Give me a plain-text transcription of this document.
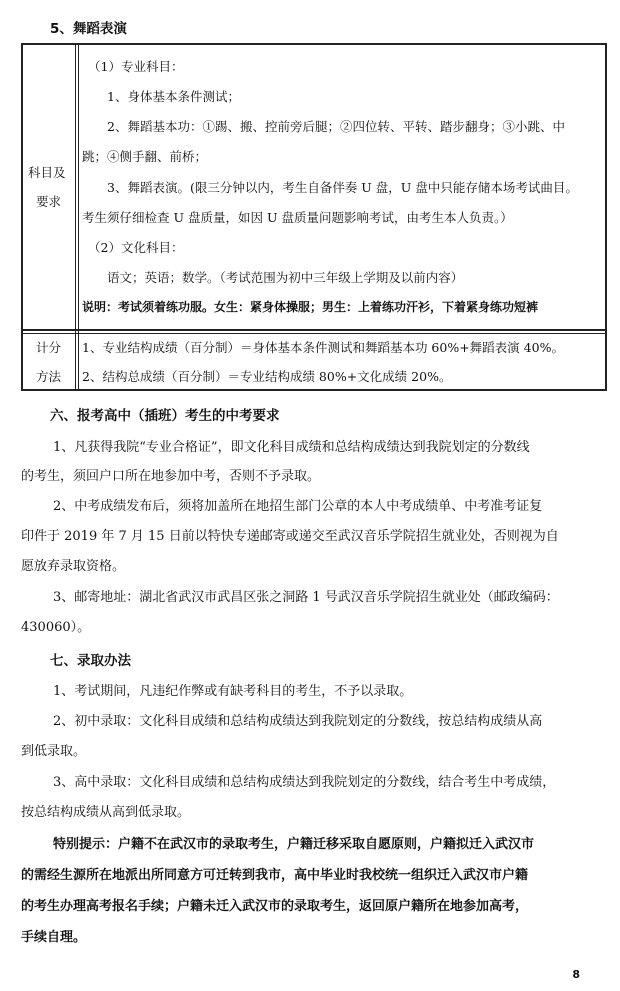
5、舞蹈表演
科目及
要求
（1）专业科目：
1、身体基本条件测试；
2、舞蹈基本功：①踢、搬、控前旁后腿；②四位转、平转、踏步翻身；③小跳、中
跳；④侧手翻、前桥；
3、舞蹈表演。(限三分钟以内，考生自备伴奏 U 盘，U 盘中只能存储本场考试曲目。
考生须仔细检查 U 盘质量，如因 U 盘质量问题影响考试，由考生本人负责。）
（2）文化科目：
语文；英语；数学。（考试范围为初中三年级上学期及以前内容）
说明：考试须着练功服。女生：紧身体操服；男生：上着练功汗衫，下着紧身练功短裤
计分
方法
1、专业结构成绩（百分制）＝身体基本条件测试和舞蹈基本功 60%+舞蹈表演 40%。
2、结构总成绩（百分制）＝专业结构成绩 80%+文化成绩 20%。
六、报考高中（插班）考生的中考要求
1、凡获得我院“专业合格证”，即文化科目成绩和总结构成绩达到我院划定的分数线
的考生，须回户口所在地参加中考，否则不予录取。
2、中考成绩发布后，须将加盖所在地招生部门公章的本人中考成绩单、中考准考证复
印件于 2019 年 7 月 15 日前以特快专递邮寄或递交至武汉音乐学院招生就业处，否则视为自
愿放弃录取资格。
3、邮寄地址：湖北省武汉市武昌区张之洞路 1 号武汉音乐学院招生就业处（邮政编码：
430060）。
七、录取办法
1、考试期间，凡违纪作弊或有缺考科目的考生，不予以录取。
2、初中录取：文化科目成绩和总结构成绩达到我院划定的分数线，按总结构成绩从高
到低录取。
3、高中录取：文化科目成绩和总结构成绩达到我院划定的分数线，结合考生中考成绩，
按总结构成绩从高到低录取。
特别提示：户籍不在武汉市的录取考生，户籍迁移采取自愿原则，户籍拟迁入武汉市
的需经生源所在地派出所同意方可迁转到我市，高中毕业时我校统一组织迁入武汉市户籍
的考生办理高考报名手续；户籍未迁入武汉市的录取考生，返回原户籍所在地参加高考，
手续自理。
8
